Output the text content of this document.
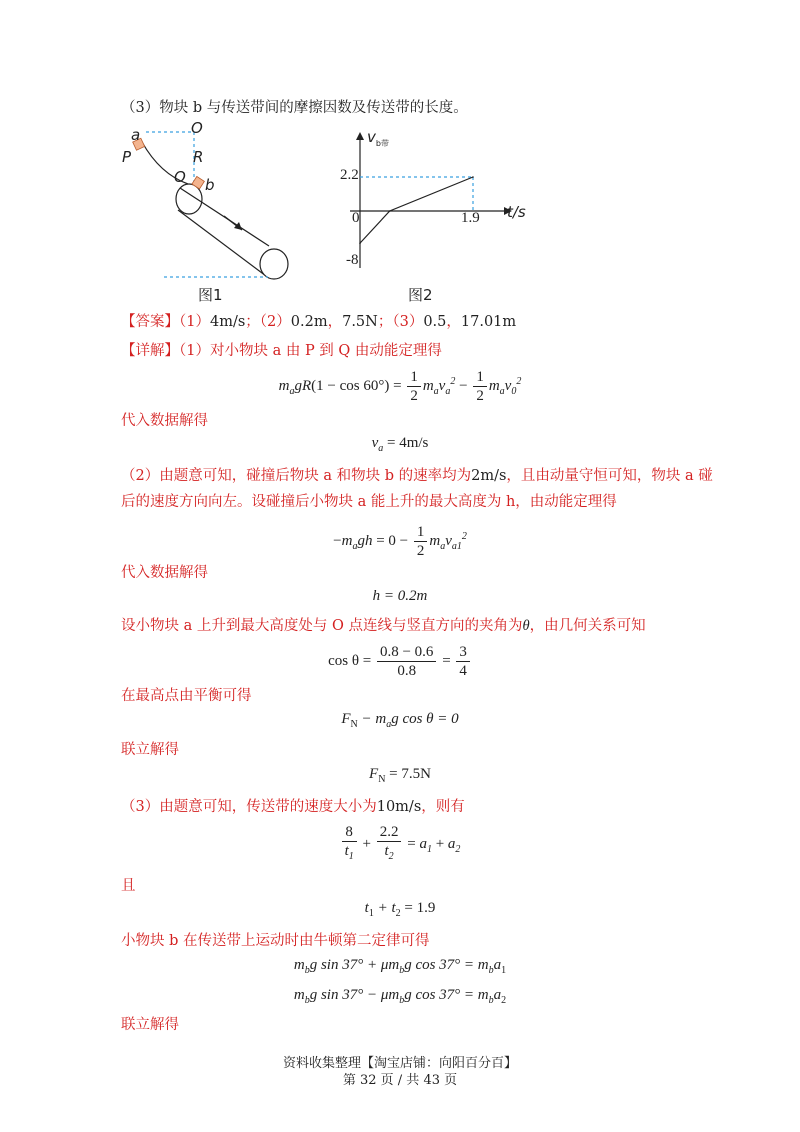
（3）物块 b 与传送带间的摩擦因数及传送带的长度。
a	O
P	R
O b
图1
$v_{b带}$
2.2
0	1.9
-8
t/s
图2
【答案】（1）4m/s；（2）0.2m，7.5N；（3）0.5，17.01m
【详解】（1）对小物块 a 由 P 到 Q 由动能定理得
$m_agR(1 - \cos 60^\circ) = \frac{1}{2} m_av_a^2 - \frac{1}{2} m_av_0^2$
代入数据解得
$v_a = 4m/s$
（2）由题意可知，碰撞后物块 a 和物块 b 的速率均为2m/s，且由动量守恒可知，物块 a 碰
后的速度方向向左。设碰撞后小物块 a 能上升的最大高度为 h，由动能定理得
$-m_agh = 0 - \frac{1}{2} m_av_{a1}^2$
代入数据解得
h = 0.2m
设小物块 a 上升到最大高度处与 O 点连线与竖直方向的夹角为θ，由几何关系可知
$\cos \theta = \frac{0.8 - 0.6}{0.8} = \frac{3}{4}$
在最高点由平衡可得
$F_N - m_ag$ cos θ = 0
联立解得
$F_N = 7.5N$
（3）由题意可知，传送带的速度大小为10m/s，则有
$\frac{8}{t_1} + \frac{2.2}{t_2} = a_1 + a_2$
且
$t_1 + t_2 = 1.9$
小物块 b 在传送带上运动时由牛顿第二定律可得
$m_bg$ $\sin 37^\circ + \mu m_bg$ $\cos 37^\circ = m_ba_1$
$m_bg$ $\sin 37^\circ - \mu m_bg$ $\cos 37^\circ = m_ba_2$
联立解得
资料收集整理【淘宝店铺：向阳百分百】
第 32 页 / 共 43 页
